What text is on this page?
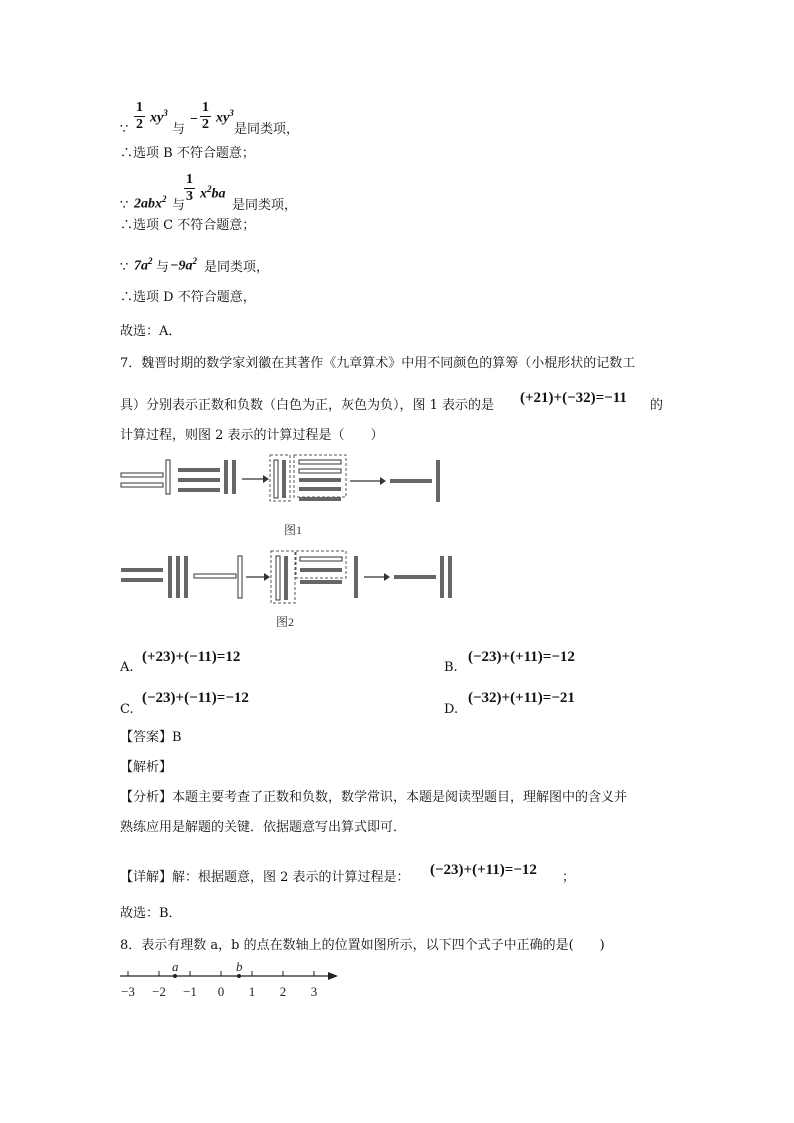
∵ $\frac{1}{2} xy^3$
与
− $\frac{1}{2} xy^3$
是同类项，
∴选项 B 不符合题意；
∵ 2abx$^2$ 与
$\frac{1}{3} x^2ba$
是同类项，
∴选项 C 不符合题意；
∵ $7a^2$ 与 $-9a^2$ 是同类项，
∴选项 D 不符合题意，
故选：A．
7．魏晋时期的数学家刘徽在其著作《九章算术》中用不同颜色的算筹（小棍形状的记数工
具）分别表示正数和负数（白色为正，灰色为负），图 1 表示的是 (+21)+(−32)=−11 的
计算过程，则图 2 表示的计算过程是（　　）
图1
图2
A.
(+23)+(−11)=12
B.
(−23)+(+11)=−12
C.
(−23)+(−11)=−12
D.
(−32)+(+11)=−21
【答案】B
【解析】
【分析】本题主要考查了正数和负数，数学常识，本题是阅读型题目，理解图中的含义并
熟练应用是解题的关键．依据题意写出算式即可．
【详解】解：根据题意，图 2 表示的计算过程是： (−23)+(+11)=−12 ；
故选：B．
8．表示有理数 a，b 的点在数轴上的位置如图所示，以下四个式子中正确的是(　　)
−3 −2 −1 0 1 2 3
a	b
